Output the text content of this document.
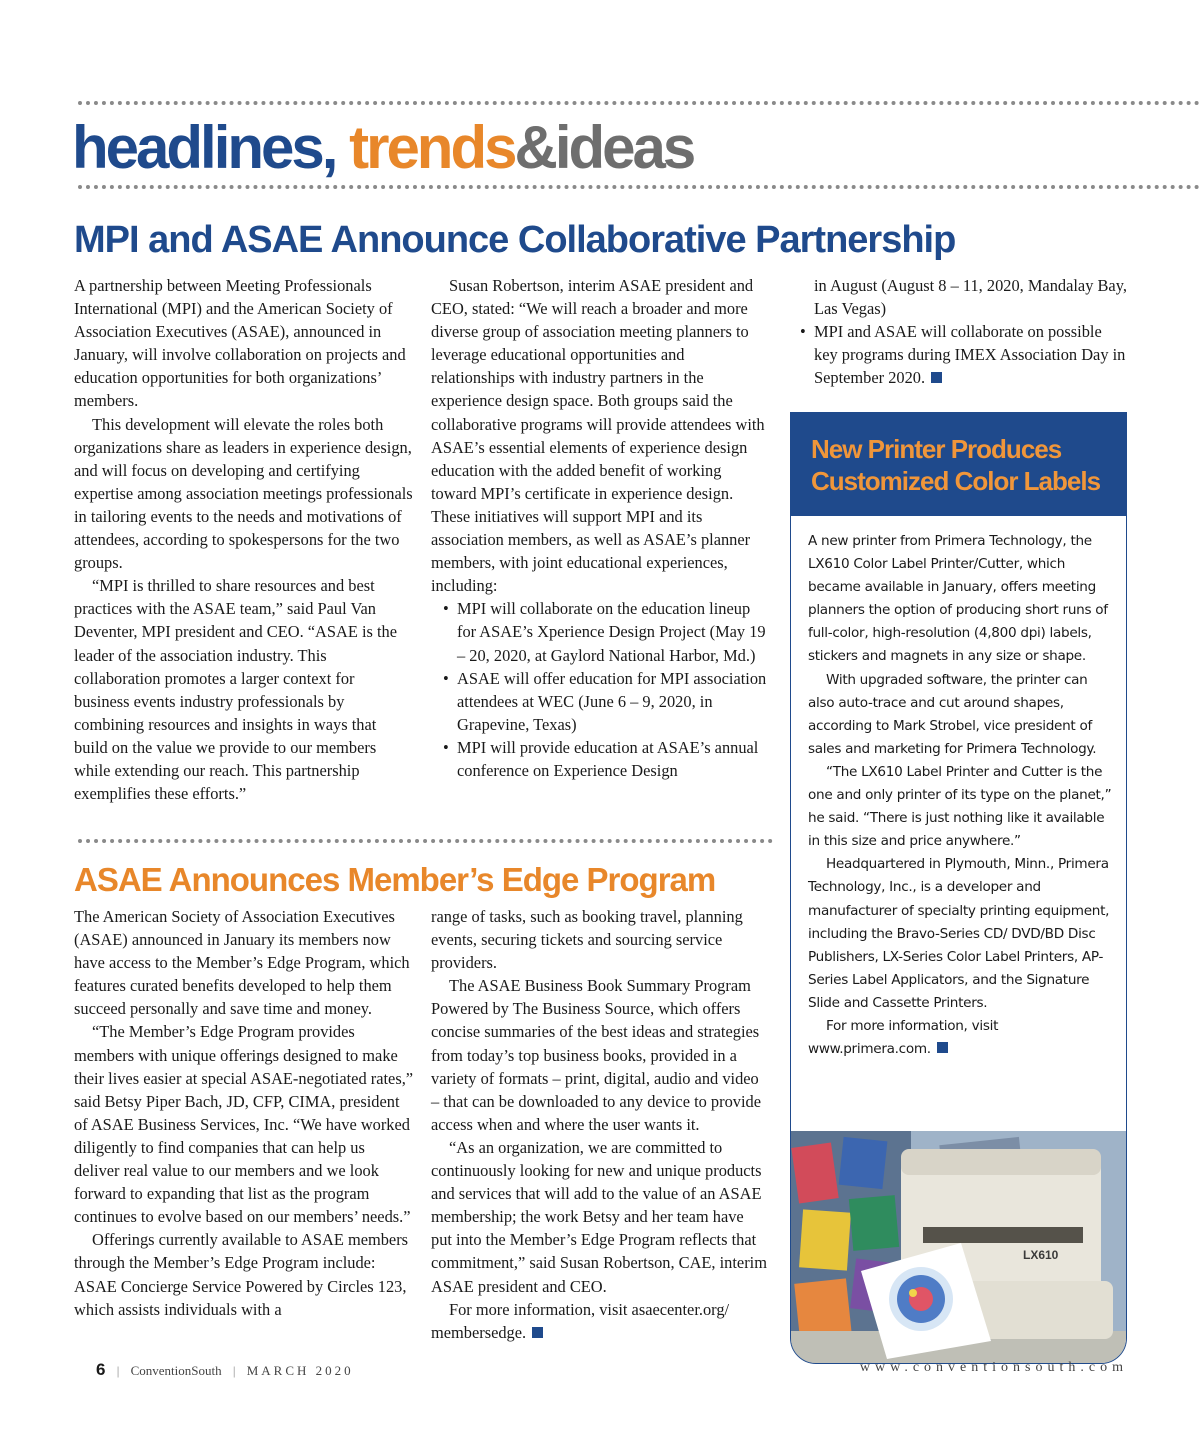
headlines, trends&ideas
MPI and ASAE Announce Collaborative Partnership

A partnership between Meeting Professionals International (MPI) and the American Society of Association Executives (ASAE), announced in January, will involve collaboration on projects and education opportunities for both organizations’ members.

This development will elevate the roles both organizations share as leaders in experience design, and will focus on developing and certifying expertise among association meetings professionals in tailoring events to the needs and motivations of attendees, according to spokespersons for the two groups.

“MPI is thrilled to share resources and best practices with the ASAE team,” said Paul Van Deventer, MPI president and CEO. “ASAE is the leader of the association industry. This collaboration promotes a larger context for business events industry professionals by combining resources and insights in ways that build on the value we provide to our members while extending our reach. This partnership exemplifies these efforts.”

Susan Robertson, interim ASAE president and CEO, stated: “We will reach a broader and more diverse group of association meeting planners to leverage educational opportunities and relationships with industry partners in the experience design space. Both groups said the collaborative programs will provide attendees with ASAE’s essential elements of experience design education with the added benefit of working toward MPI’s certificate in experience design. These initiatives will support MPI and its association members, as well as ASAE’s planner members, with joint educational experiences, including:

• MPI will collaborate on the education lineup for ASAE’s Xperience Design Project (May 19 – 20, 2020, at Gaylord National Harbor, Md.)

• ASAE will offer education for MPI association attendees at WEC (June 6 – 9, 2020, in Grapevine, Texas)

• MPI will provide education at ASAE’s annual conference on Experience Design

in August (August 8 – 11, 2020, Mandalay Bay, Las Vegas)

• MPI and ASAE will collaborate on possible key programs during IMEX Association Day in September 2020.

ASAE Announces Member’s Edge Program

The American Society of Association Executives (ASAE) announced in January its members now have access to the Member’s Edge Program, which features curated benefits developed to help them succeed personally and save time and money.

“The Member’s Edge Program provides members with unique offerings designed to make their lives easier at special ASAE-negotiated rates,” said Betsy Piper Bach, JD, CFP, CIMA, president of ASAE Business Services, Inc. “We have worked diligently to find companies that can help us deliver real value to our members and we look forward to expanding that list as the program continues to evolve based on our members’ needs.”

Offerings currently available to ASAE members through the Member’s Edge Program include: ASAE Concierge Service Powered by Circles 123, which assists individuals with a

range of tasks, such as booking travel, planning events, securing tickets and sourcing service providers.

The ASAE Business Book Summary Program Powered by The Business Source, which offers concise summaries of the best ideas and strategies from today’s top business books, provided in a variety of formats – print, digital, audio and video – that can be downloaded to any device to provide access when and where the user wants it.

“As an organization, we are committed to continuously looking for new and unique products and services that will add to the value of an ASAE membership; the work Betsy and her team have put into the Member’s Edge Program reflects that commitment,” said Susan Robertson, CAE, interim ASAE president and CEO.

For more information, visit asaecenter.org/ membersedge.

New Printer Produces
Customized Color Labels

A new printer from Primera Technology, the LX610 Color Label Printer/Cutter, which became available in January, offers meeting planners the option of producing short runs of full-color, high-resolution (4,800 dpi) labels, stickers and magnets in any size or shape.

With upgraded software, the printer can also auto-trace and cut around shapes, according to Mark Strobel, vice president of sales and marketing for Primera Technology.

“The LX610 Label Printer and Cutter is the one and only printer of its type on the planet,” he said. “There is just nothing like it available in this size and price anywhere.”

Headquartered in Plymouth, Minn., Primera Technology, Inc., is a developer and manufacturer of specialty printing equipment, including the Bravo-Series CD/ DVD/BD Disc Publishers, LX-Series Color Label Printers, AP-Series Label Applicators, and the Signature Slide and Cassette Printers.

For more information, visit www.primera.com.

LX610
6 | ConventionSouth | MARCH 2020	www.conventionsouth.com
